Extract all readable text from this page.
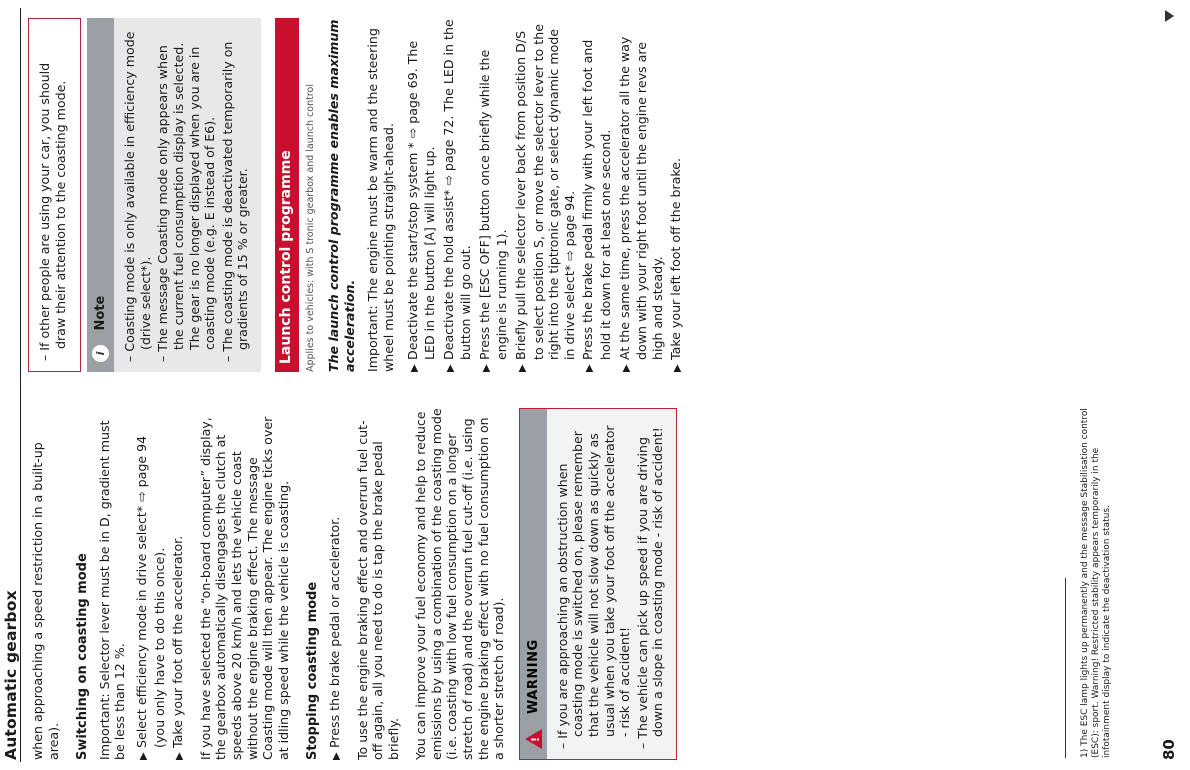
Automatic gearbox when approaching a speed restriction in a built-up area). Switching on coasting mode Important: Selector lever must be in D, gradient must be less than 12 %.	▶Select efficiency mode in drive select* ⇨ page 94 (you only have to do this once).
▶Take your foot off the accelerator. If you have selected the “on-board computer” display, the gearbox automatically disengages the clutch at speeds above 20 km/h and lets the vehicle coast without the engine braking effect. The message Coasting mode will then appear. The engine ticks over at idling speed while the vehicle is coasting. Stopping coasting mode	▶Press the brake pedal or accelerator. To use the engine braking effect and overrun fuel cut-off again, all you need to do is tap the brake pedal briefly. You can improve your fuel economy and help to reduce emissions by using a combination of the coasting mode (i.e. coasting with low fuel consumption on a longer stretch of road) and the overrun fuel cut-off (i.e. using the engine braking effect with no fuel consumption on a shorter stretch of road). !
WARNING
– If you are approaching an obstruction when coasting mode is switched on, please remember that the vehicle will not slow down as quickly as usual when you take your foot off the accelerator - risk of accident!
– The vehicle can pick up speed if you are driving down a slope in coasting mode - risk of accident!
1) The ESC lamp lights up permanently and the message Stabilisation control (ESC): sport. Warning! Restricted stability appears temporarily in the infotainment display to indicate the deactivation status.
– If other people are using your car, you should draw their attention to the coasting mode.
i Note
– Coasting mode is only available in efficiency mode (drive select*).
– The message Coasting mode only appears when the current fuel consumption display is selected. The gear is no longer displayed when you are in coasting mode (e.g. E instead of E6).
– The coasting mode is deactivated temporarily on gradients of 15 % or greater. Launch control programme	Applies to vehicles: with S tronic gearbox and launch control The launch control programme enables maximum acceleration. Important: The engine must be warm and the steering wheel must be pointing straight-ahead.	▶Deactivate the start/stop system * ⇨ page 69. The LED in the button [A] will light up.
▶Deactivate the hold assist* ⇨ page 72. The LED in the button will go out.
▶Press the [ESC OFF] button once briefly while the engine is running 1).
▶Briefly pull the selector lever back from position D/S to select position S, or move the selector lever to the right into the tiptronic gate, or select dynamic mode in drive select* ⇨ page 94.
▶Press the brake pedal firmly with your left foot and hold it down for at least one second.
▶At the same time, press the accelerator all the way down with your right foot until the engine revs are high and steady.
▶Take your left foot off the brake.
80
